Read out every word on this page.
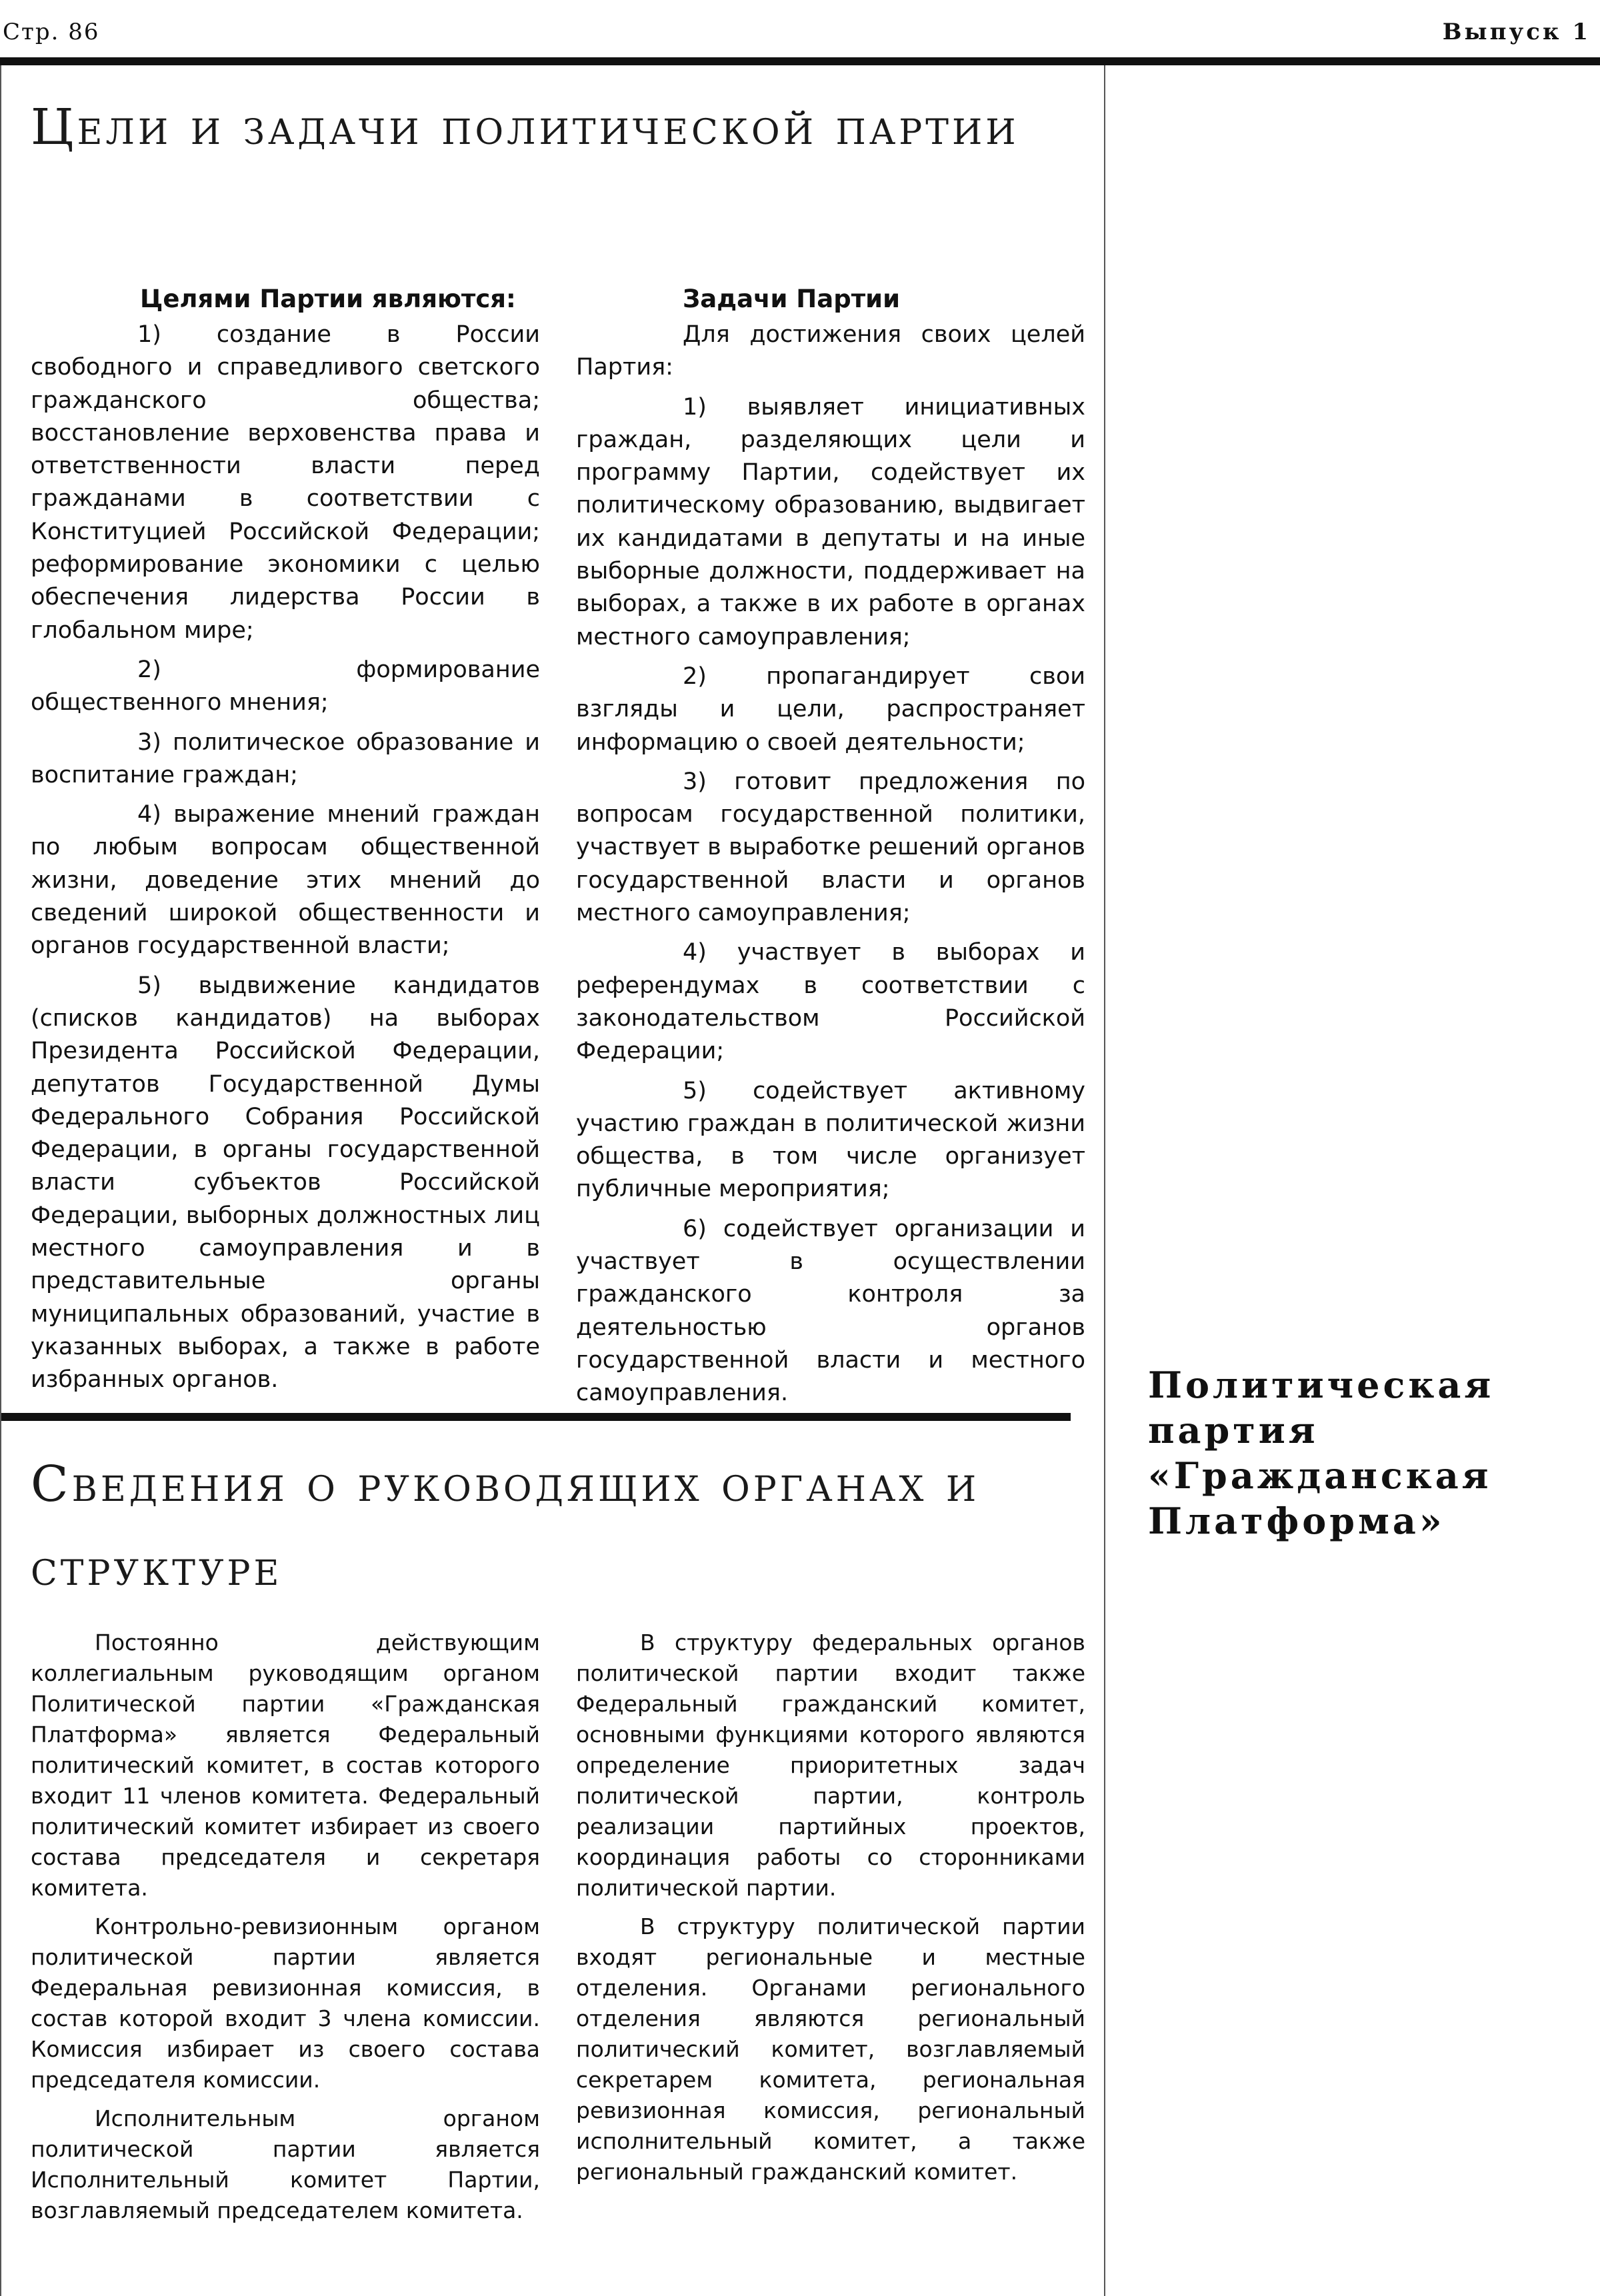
Стр. 86	Выпуск 1
Цели и задачи политической партии
Целями Партии являются:

1) создание в России свободного и справедливого светского гражданского общества; восстановление верховенства права и ответственности власти перед гражданами в соответствии с Конституцией Российской Федерации; реформирование экономики с целью обеспечения лидерства России в глобальном мире;

2) формирование общественного мнения;

3) политическое образование и воспитание граждан;

4) выражение мнений граждан по любым вопросам общественной жизни, доведение этих мнений до сведений широкой общественности и органов государственной власти;

5) выдвижение кандидатов (списков кандидатов) на выборах Президента Российской Федерации, депутатов Государственной Думы Федерального Собрания Российской Федерации, в органы государственной власти субъектов Российской Федерации, выборных должностных лиц местного самоуправления и в представительные органы муниципальных образований, участие в указанных выборах, а также в работе избранных органов.

Задачи Партии

Для достижения своих целей Партия:

1) выявляет инициативных граждан, разделяющих цели и программу Партии, содействует их политическому образованию, выдвигает их кандидатами в депутаты и на иные выборные должности, поддерживает на выборах, а также в их работе в органах местного самоуправления;

2) пропагандирует свои взгляды и цели, распространяет информацию о своей деятельности;

3) готовит предложения по вопросам государственной политики, участвует в выработке решений органов государственной власти и органов местного самоуправления;

4) участвует в выборах и референдумах в соответствии с законодательством Российской Федерации;

5) содействует активному участию граждан в политической жизни общества, в том числе организует публичные мероприятия;

6) содействует организации и участвует в осуществлении гражданского контроля за деятельностью органов государственной власти и местного самоуправления.

Сведения о руководящих органах и структуре

Постоянно действующим коллегиальным руководящим органом Политической партии «Гражданская Платформа» является Федеральный политический комитет, в состав которого входит 11 членов комитета. Федеральный политический комитет избирает из своего состава председателя и секретаря комитета.

Контрольно-ревизионным органом политической партии является Федеральная ревизионная комиссия, в состав которой входит 3 члена комиссии. Комиссия избирает из своего состава председателя комиссии.

Исполнительным органом политической партии является Исполнительный комитет Партии, возглавляемый председателем комитета.

В структуру федеральных органов политической партии входит также Федеральный гражданский комитет, основными функциями которого являются определение приоритетных задач политической партии, контроль реализации партийных проектов, координация работы со сторонниками политической партии.

В структуру политической партии входят региональные и местные отделения. Органами регионального отделения являются региональный политический комитет, возглавляемый секретарем комитета, региональная ревизионная комиссия, региональный исполнительный комитет, а также региональный гражданский комитет.

Политическая партия «Гражданская Платформа»
